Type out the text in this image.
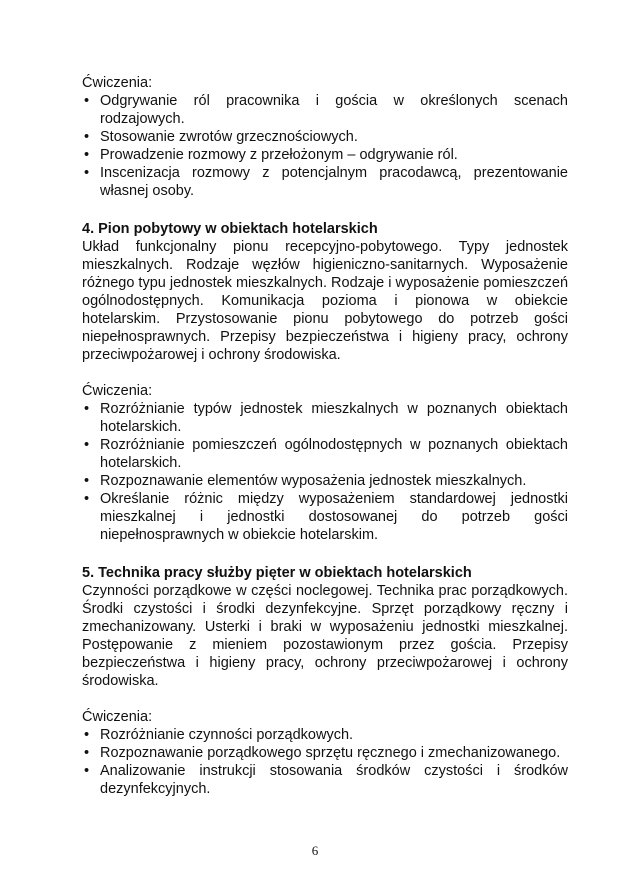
Ćwiczenia:

• Odgrywanie ról pracownika i gościa w określonych scenach rodzajowych.
• Stosowanie zwrotów grzecznościowych.
• Prowadzenie rozmowy z przełożonym – odgrywanie ról.
• Inscenizacja rozmowy z potencjalnym pracodawcą, prezentowanie własnej osoby.
4. Pion pobytowy w obiektach hotelarskich

Układ funkcjonalny pionu recepcyjno-pobytowego. Typy jednostek mieszkalnych. Rodzaje węzłów higieniczno-sanitarnych. Wyposażenie różnego typu jednostek mieszkalnych. Rodzaje i wyposażenie pomieszczeń ogólnodostępnych. Komunikacja pozioma i pionowa w obiekcie hotelarskim. Przystosowanie pionu pobytowego do potrzeb gości niepełnosprawnych. Przepisy bezpieczeństwa i higieny pracy, ochrony przeciwpożarowej i ochrony środowiska.

Ćwiczenia:

• Rozróżnianie typów jednostek mieszkalnych w poznanych obiektach hotelarskich.
• Rozróżnianie pomieszczeń ogólnodostępnych w poznanych obiektach hotelarskich.
• Rozpoznawanie elementów wyposażenia jednostek mieszkalnych.
• Określanie różnic między wyposażeniem standardowej jednostki mieszkalnej i jednostki dostosowanej do potrzeb gości niepełnosprawnych w obiekcie hotelarskim.
5. Technika pracy służby pięter w obiektach hotelarskich

Czynności porządkowe w części noclegowej. Technika prac porządkowych. Środki czystości i środki dezynfekcyjne. Sprzęt porządkowy ręczny i zmechanizowany. Usterki i braki w wyposażeniu jednostki mieszkalnej. Postępowanie z mieniem pozostawionym przez gościa. Przepisy bezpieczeństwa i higieny pracy, ochrony przeciwpożarowej i ochrony środowiska.

Ćwiczenia:

• Rozróżnianie czynności porządkowych.
• Rozpoznawanie porządkowego sprzętu ręcznego i zmechanizowanego.
• Analizowanie instrukcji stosowania środków czystości i środków dezynfekcyjnych.
6
